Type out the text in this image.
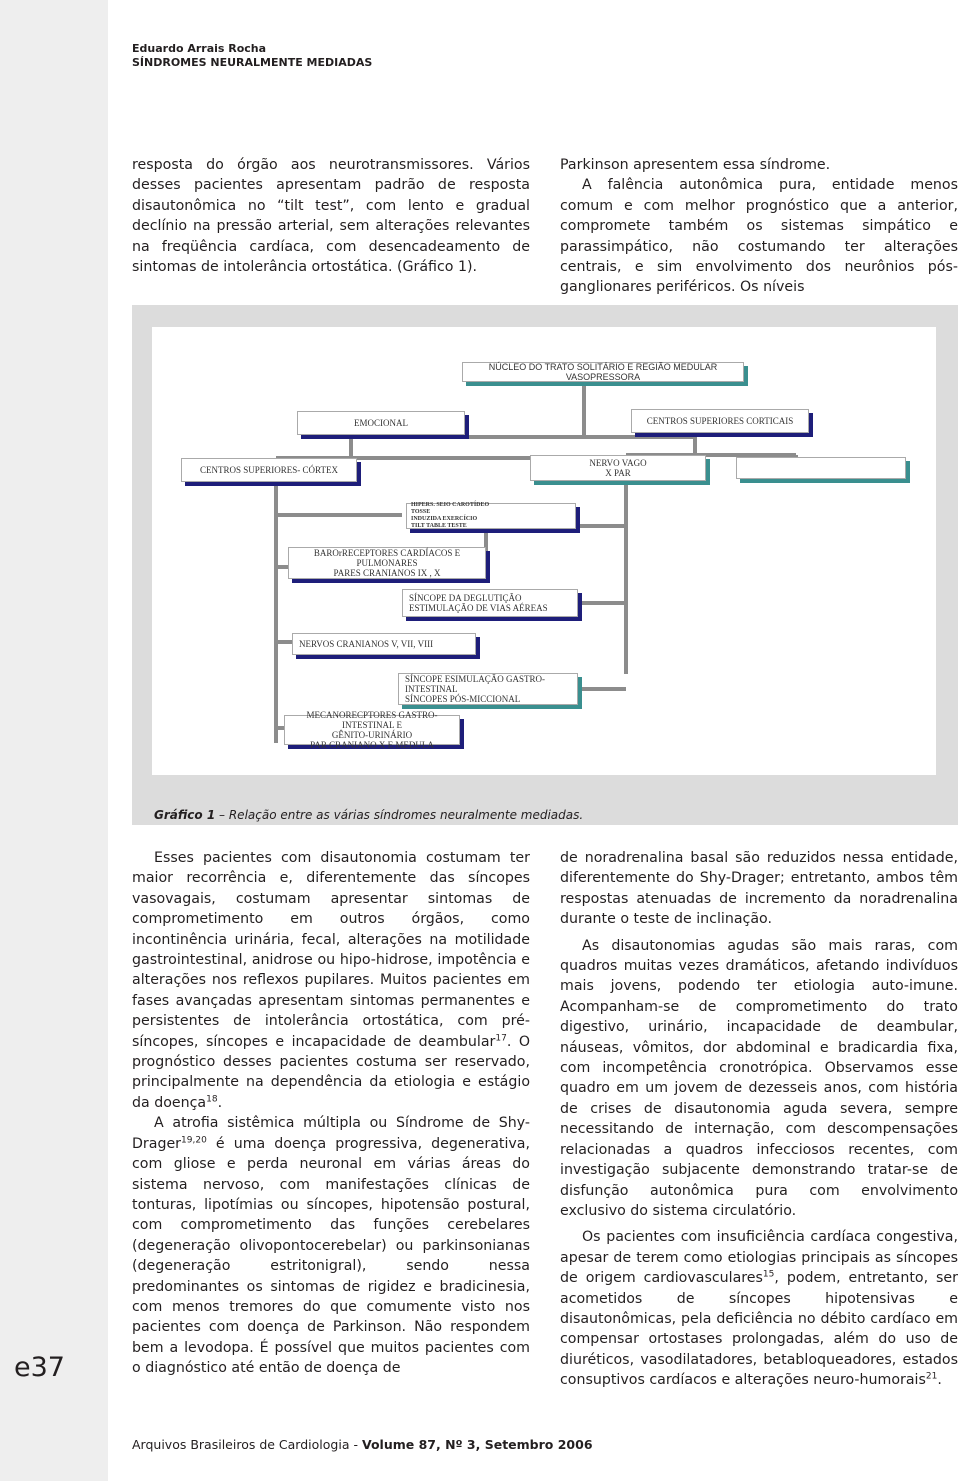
e37
Eduardo Arrais Rocha
SÍNDROMES NEURALMENTE MEDIADAS

resposta do órgão aos neurotransmissores. Vários desses pacientes apresentam padrão de resposta disautonômica no “tilt test”, com lento e gradual declínio na pressão arterial, sem alterações relevantes na freqüência cardíaca, com desencadeamento de sintomas de intolerância ortostática. (Gráfico 1).

Parkinson apresentem essa síndrome.

A falência autonômica pura, entidade menos comum e com melhor prognóstico que a anterior, compromete também os sistemas simpático e parassimpático, não costumando ter alterações centrais, e sim envolvimento dos neurônios pós-ganglionares periféricos. Os níveis

NÚCLEO DO TRATO SOLITÁRIO E REGIÃO MEDULAR VASOPRESSORA
EMOCIONAL	CENTROS SUPERIORES CORTICAIS
CENTROS SUPERIORES- CÓRTEX
NERVO VAGO
X PAR
HIPERS. SEIO CAROTÍDEO
TOSSE
INDUZIDA EXERCÍCIO
TILT TABLE TESTE
BAROrRECEPTORES CARDÍACOS E
PULMONARES
PARES CRANIANOS IX , X
SÍNCOPE DA DEGLUTIÇÃO
ESTIMULAÇÃO DE VIAS AÉREAS
NERVOS CRANIANOS V, VII, VIII
SÍNCOPE ESIMULAÇÃO GASTRO-
INTESTINAL
SÍNCOPES PÓS-MICCIONAL
MECANORECPTORES GASTRO-INTESTINAL E
GÊNITO-URINÁRIO
PAR CRANIANO X E MEDULA
Gráfico 1 – Relação entre as várias síndromes neuralmente mediadas.

Esses pacientes com disautonomia costumam ter maior recorrência e, diferentemente das síncopes vasovagais, costumam apresentar sintomas de comprometimento em outros órgãos, como incontinência urinária, fecal, alterações na motilidade gastrointestinal, anidrose ou hipo-hidrose, impotência e alterações nos reflexos pupilares. Muitos pacientes em fases avançadas apresentam sintomas permanentes e persistentes de intolerância ortostática, com pré-síncopes, síncopes e incapacidade de deambular$^{17}$. O prognóstico desses pacientes costuma ser reservado, principalmente na dependência da etiologia e estágio da doença$^{18}$.

A atrofia sistêmica múltipla ou Síndrome de Shy-Drager$^{19,20}$ é uma doença progressiva, degenerativa, com gliose e perda neuronal em várias áreas do sistema nervoso, com manifestações clínicas de tonturas, lipotímias ou síncopes, hipotensão postural, com comprometimento das funções cerebelares (degeneração olivopontocerebelar) ou parkinsonianas (degeneração estritonigral), sendo nessa predominantes os sintomas de rigidez e bradicinesia, com menos tremores do que comumente visto nos pacientes com doença de Parkinson. Não respondem bem a levodopa. É possível que muitos pacientes com o diagnóstico até então de doença de

de noradrenalina basal são reduzidos nessa entidade, diferentemente do Shy-Drager; entretanto, ambos têm respostas atenuadas de incremento da noradrenalina durante o teste de inclinação.

As disautonomias agudas são mais raras, com quadros muitas vezes dramáticos, afetando indivíduos mais jovens, podendo ter etiologia auto-imune. Acompanham-se de comprometimento do trato digestivo, urinário, incapacidade de deambular, náuseas, vômitos, dor abdominal e bradicardia fixa, com incompetência cronotrópica. Observamos esse quadro em um jovem de dezesseis anos, com história de crises de disautonomia aguda severa, sempre necessitando de internação, com descompensações relacionadas a quadros infecciosos recentes, com investigação subjacente demonstrando tratar-se de disfunção autonômica pura com envolvimento exclusivo do sistema circulatório.

Os pacientes com insuficiência cardíaca congestiva, apesar de terem como etiologias principais as síncopes de origem cardiovasculares$^{15}$, podem, entretanto, ser acometidos de síncopes hipotensivas e disautonômicas, pela deficiência no débito cardíaco em compensar ortostases prolongadas, além do uso de diuréticos, vasodilatadores, betabloqueadores, estados consuptivos cardíacos e alterações neuro-humorais$^{21}$.

Arquivos Brasileiros de Cardiologia - Volume 87, Nº 3, Setembro 2006
